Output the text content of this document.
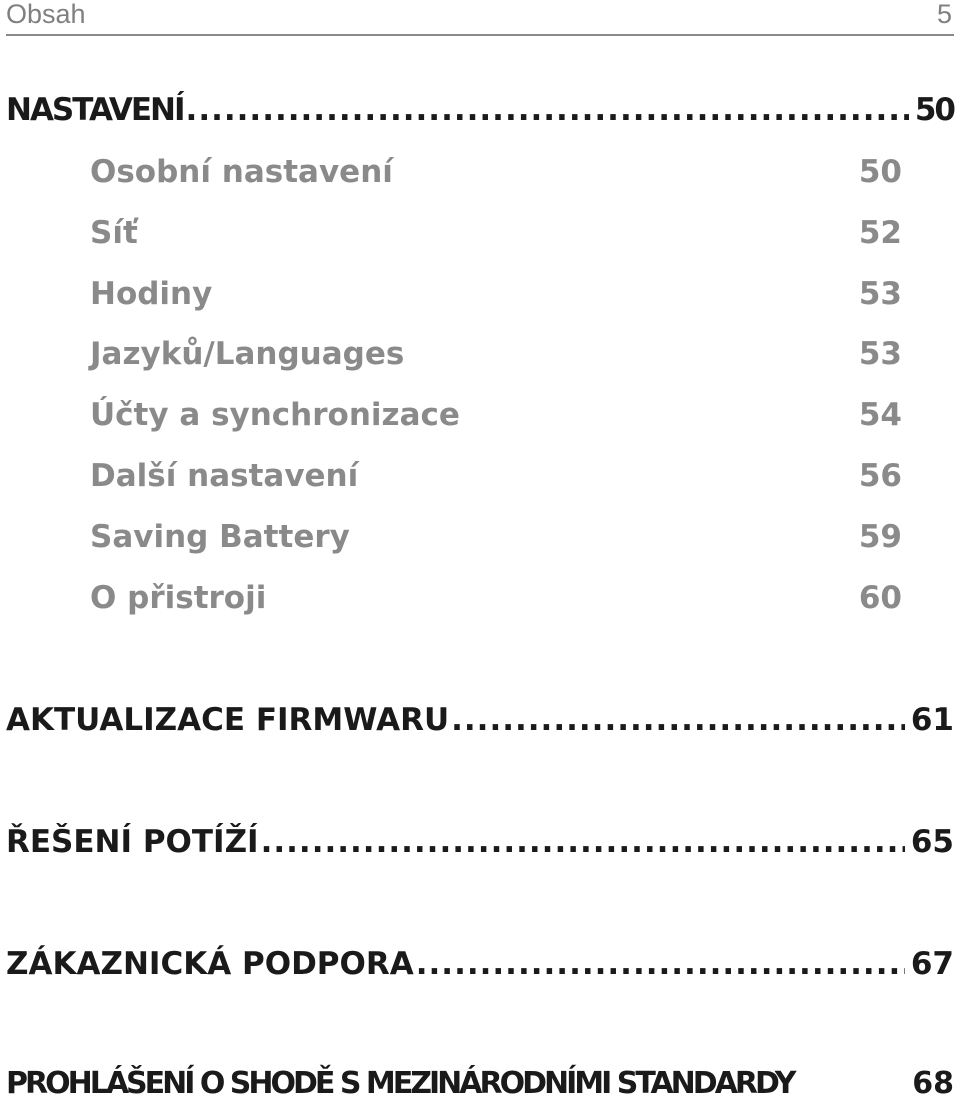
Obsah	5
NASTAVENÍ .....	50
Osobní nastavení	50
Síť	52
Hodiny	53
Jazyků/Languages	53
Účty a synchronizace	54
Další nastavení	56
Saving Battery	59
O přistroji	60
AKTUALIZACE FIRMWARU .....	61
ŘEŠENÍ POTÍŽÍ .....	65
ZÁKAZNICKÁ PODPORA .....	67
PROHLÁŠENÍ O SHODĚ S MEZINÁRODNÍMI STANDARDY	68
